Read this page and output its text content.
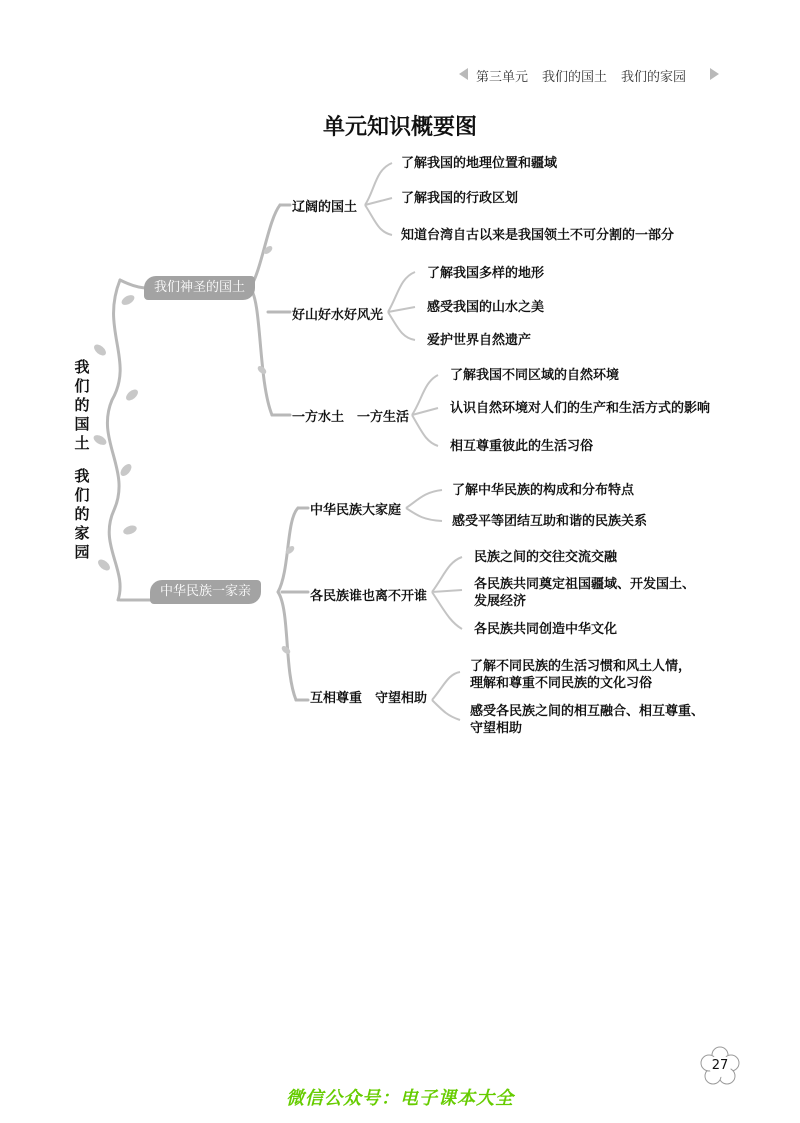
第三单元 我们的国土 我们的家园
单元知识概要图
我们的国土
我们的家园
我们神圣的国土
中华民族一家亲
辽阔的国土
好山好水好风光
一方水土　一方生活
了解我国的地理位置和疆域
了解我国的行政区划
知道台湾自古以来是我国领土不可分割的一部分
了解我国多样的地形
感受我国的山水之美
爱护世界自然遗产
了解我国不同区域的自然环境
认识自然环境对人们的生产和生活方式的影响
相互尊重彼此的生活习俗
中华民族大家庭
各民族谁也离不开谁
互相尊重　守望相助
了解中华民族的构成和分布特点
感受平等团结互助和谐的民族关系
民族之间的交往交流交融
各民族共同奠定祖国疆域、开发国土、
发展经济
各民族共同创造中华文化
了解不同民族的生活习惯和风土人情，
理解和尊重不同民族的文化习俗
感受各民族之间的相互融合、相互尊重、
守望相助
27
微信公众号：电子课本大全
